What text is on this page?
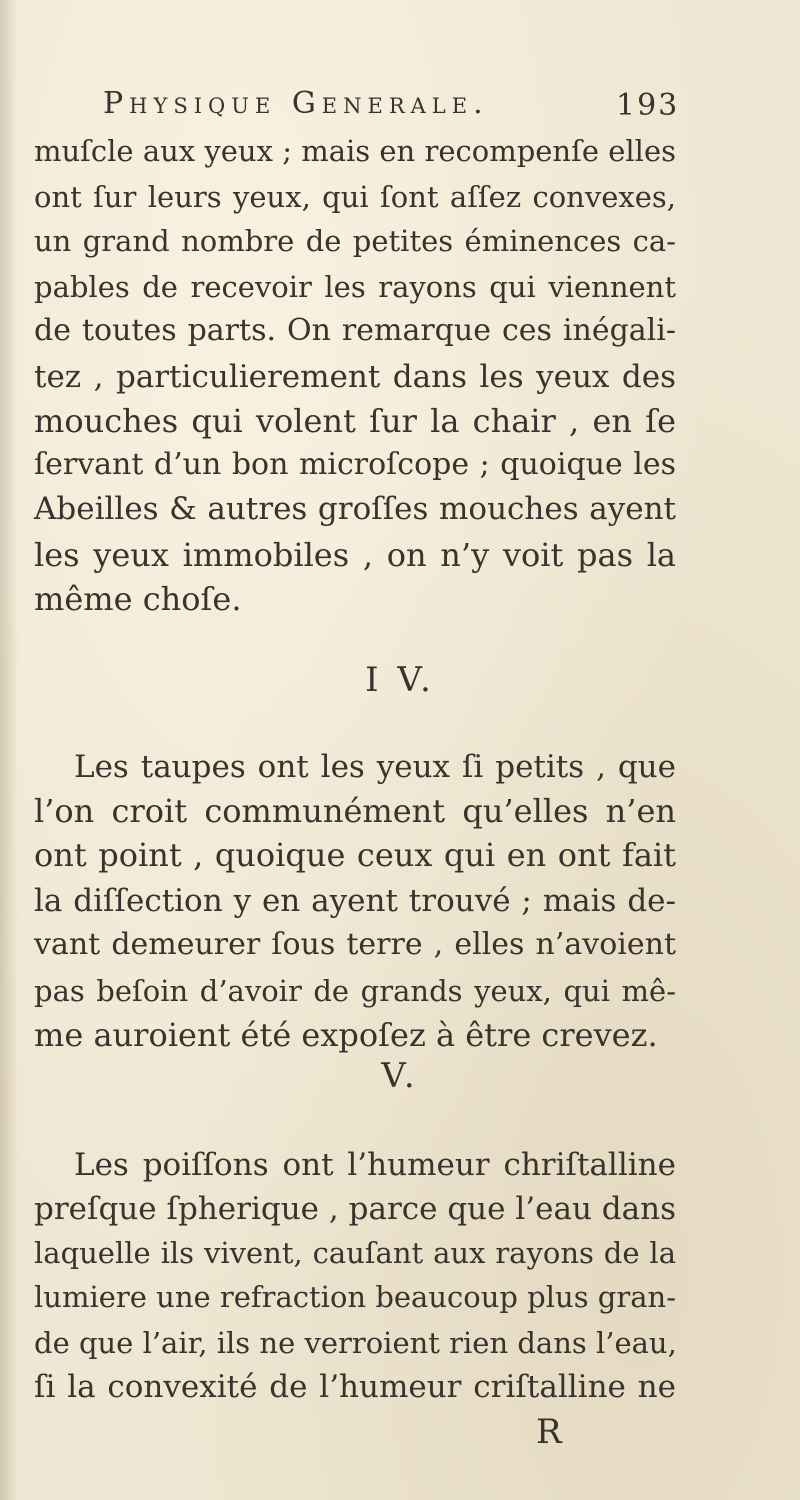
Physique Generale.	193
muſcle aux yeux ; mais en recompenſe elles
ont ſur leurs yeux, qui ſont aſſez convexes,
un grand nombre de petites éminences ca-
pables de recevoir les rayons qui viennent
de toutes parts. On remarque ces inégali-
tez , particulierement dans les yeux des
mouches qui volent ſur la chair , en ſe
ſervant d’un bon microſcope ; quoique les
Abeilles & autres groſſes mouches ayent
les yeux immobiles , on n’y voit pas la
même choſe.
I V.
Les taupes ont les yeux ſi petits , que
l’on croit communément qu’elles n’en
ont point , quoique ceux qui en ont fait
la diſſection y en ayent trouvé ; mais de-
vant demeurer ſous terre , elles n’avoient
pas beſoin d’avoir de grands yeux, qui mê-
me auroient été expoſez à être crevez.
V.
Les poiſſons ont l’humeur chriſtalline
preſque ſpherique , parce que l’eau dans
laquelle ils vivent, cauſant aux rayons de la
lumiere une refraction beaucoup plus gran-
de que l’air, ils ne verroient rien dans l’eau,
ſi la convexité de l’humeur criſtalline ne
R
